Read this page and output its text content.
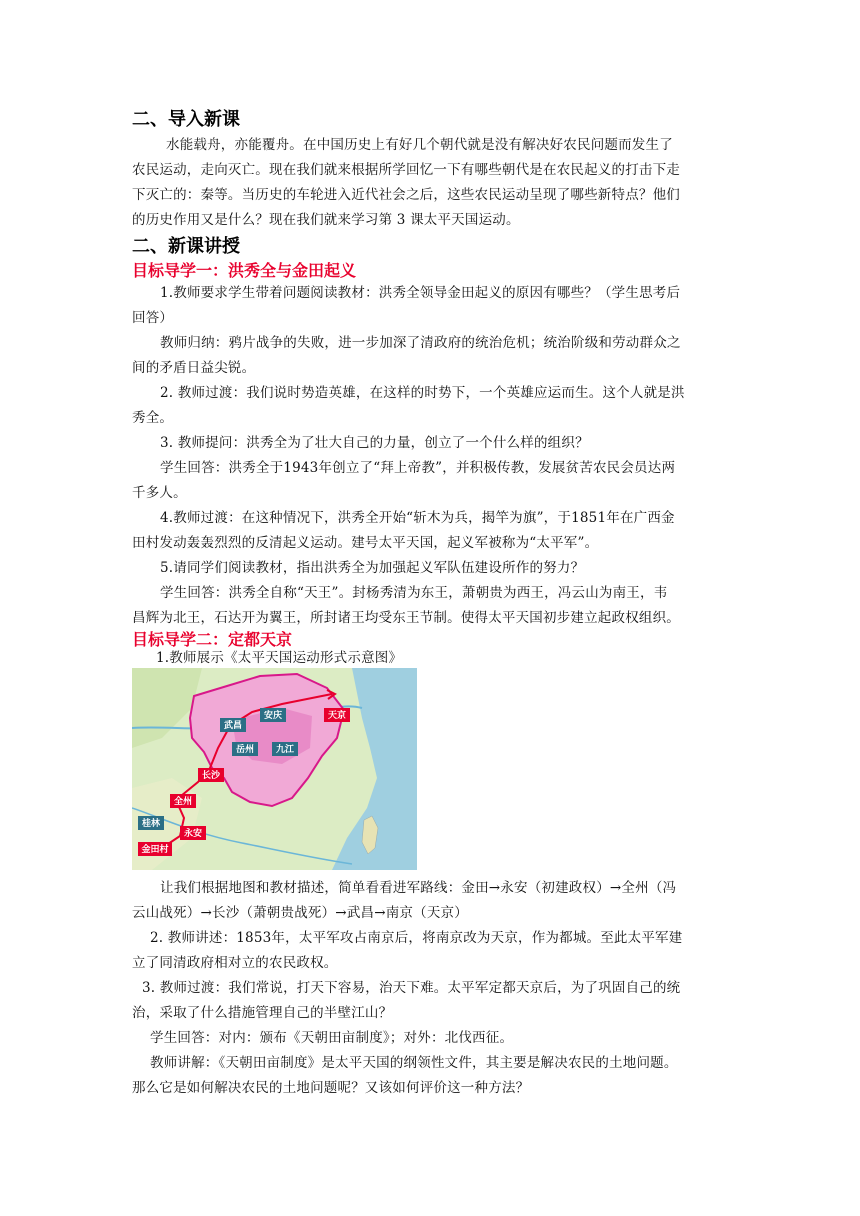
二、导入新课
水能载舟，亦能覆舟。在中国历史上有好几个朝代就是没有解决好农民问题而发生了
农民运动，走向灭亡。现在我们就来根据所学回忆一下有哪些朝代是在农民起义的打击下走
下灭亡的：秦等。当历史的车轮进入近代社会之后，这些农民运动呈现了哪些新特点？他们
的历史作用又是什么？现在我们就来学习第 3 课太平天国运动。
二、新课讲授
目标导学一：洪秀全与金田起义
1.教师要求学生带着问题阅读教材：洪秀全领导金田起义的原因有哪些？（学生思考后
回答）
教师归纳：鸦片战争的失败，进一步加深了清政府的统治危机；统治阶级和劳动群众之
间的矛盾日益尖锐。
2. 教师过渡：我们说时势造英雄，在这样的时势下，一个英雄应运而生。这个人就是洪
秀全。
3. 教师提问：洪秀全为了壮大自己的力量，创立了一个什么样的组织？
学生回答：洪秀全于1943年创立了“拜上帝教”，并积极传教，发展贫苦农民会员达两
千多人。
4.教师过渡：在这种情况下，洪秀全开始“斩木为兵，揭竿为旗”，于1851年在广西金
田村发动轰轰烈烈的反清起义运动。建号太平天国，起义军被称为“太平军”。
5.请同学们阅读教材，指出洪秀全为加强起义军队伍建设所作的努力？
学生回答：洪秀全自称“天王”。封杨秀清为东王，萧朝贵为西王，冯云山为南王，韦
昌辉为北王，石达开为翼王，所封诸王均受东王节制。使得太平天国初步建立起政权组织。
目标导学二：定都天京
1.教师展示《太平天国运动形式示意图》
武昌
安庆	天京
岳州 九江
长沙
全州
桂林
永安
金田村
让我们根据地图和教材描述，简单看看进军路线：金田→永安（初建政权）→全州（冯
云山战死）→长沙（萧朝贵战死）→武昌→南京（天京）
2. 教师讲述：1853年，太平军攻占南京后，将南京改为天京，作为都城。至此太平军建
立了同清政府相对立的农民政权。
3. 教师过渡：我们常说，打天下容易，治天下难。太平军定都天京后，为了巩固自己的统
治，采取了什么措施管理自己的半壁江山？
学生回答：对内：颁布《天朝田亩制度》；对外：北伐西征。
教师讲解：《天朝田亩制度》是太平天国的纲领性文件，其主要是解决农民的土地问题。
那么它是如何解决农民的土地问题呢？又该如何评价这一种方法？
